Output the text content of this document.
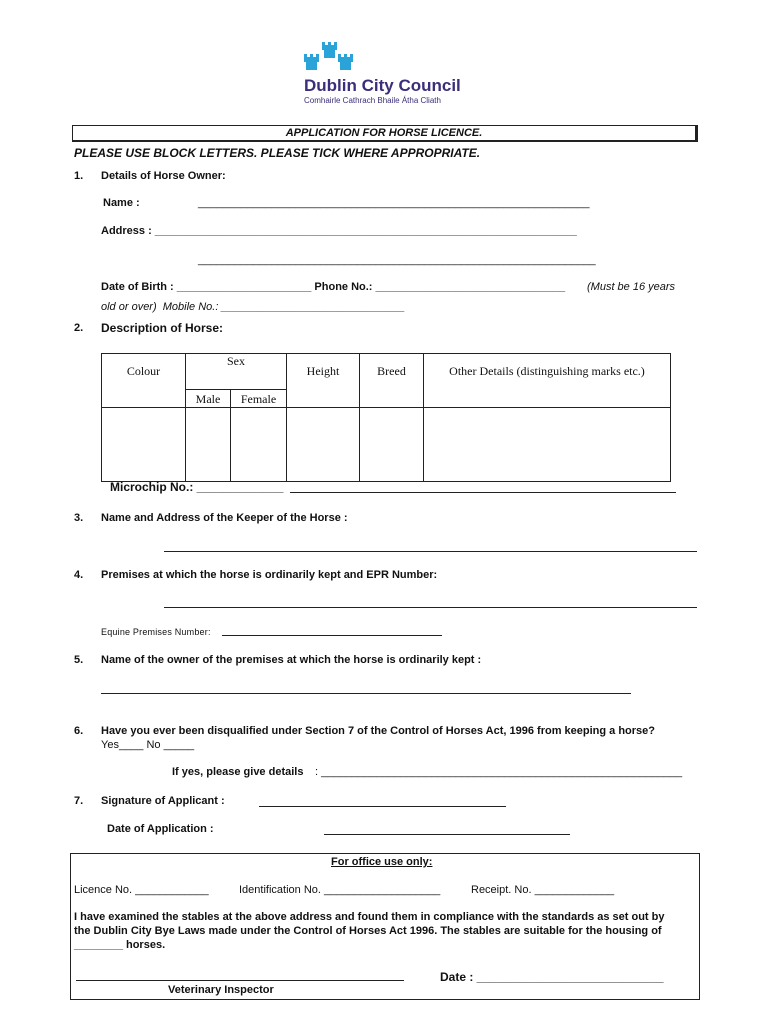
Dublin City Council
Comhairle Cathrach Bhaile Átha Cliath
APPLICATION FOR HORSE LICENCE.
PLEASE USE BLOCK LETTERS. PLEASE TICK WHERE APPROPRIATE.
1. Details of Horse Owner:
Name :	________________________________________________________________
Address : _____________________________________________________________________
_________________________________________________________________
Date of Birth : ______________________ Phone No.: _______________________________ (Must be 16 years
old or over)  Mobile No.: ______________________________
2. Description of Horse:
Colour	Sex		Height	Breed	Other Details (distinguishing marks etc.)
	Male	Female			

Microchip No.: _____________
3. Name and Address of the Keeper of the Horse :
4. Premises at which the horse is ordinarily kept and EPR Number:
Equine Premises Number:
5. Name of the owner of the premises at which the horse is ordinarily kept :
6. Have you ever been disqualified under Section 7 of the Control of Horses Act, 1996 from keeping a horse?
Yes____ No _____
If yes, please give details : ___________________________________________________________
7. Signature of Applicant :
Date of Application :
For office use only:
Licence No. ____________	Identification No. ___________________	Receipt. No. _____________
I have examined the stables at the above address and found them in compliance with the standards as set out by
the Dublin City Bye Laws made under the Control of Horses Act 1996. The stables are suitable for the housing of
________ horses.
Date : ____________________________
Veterinary Inspector
